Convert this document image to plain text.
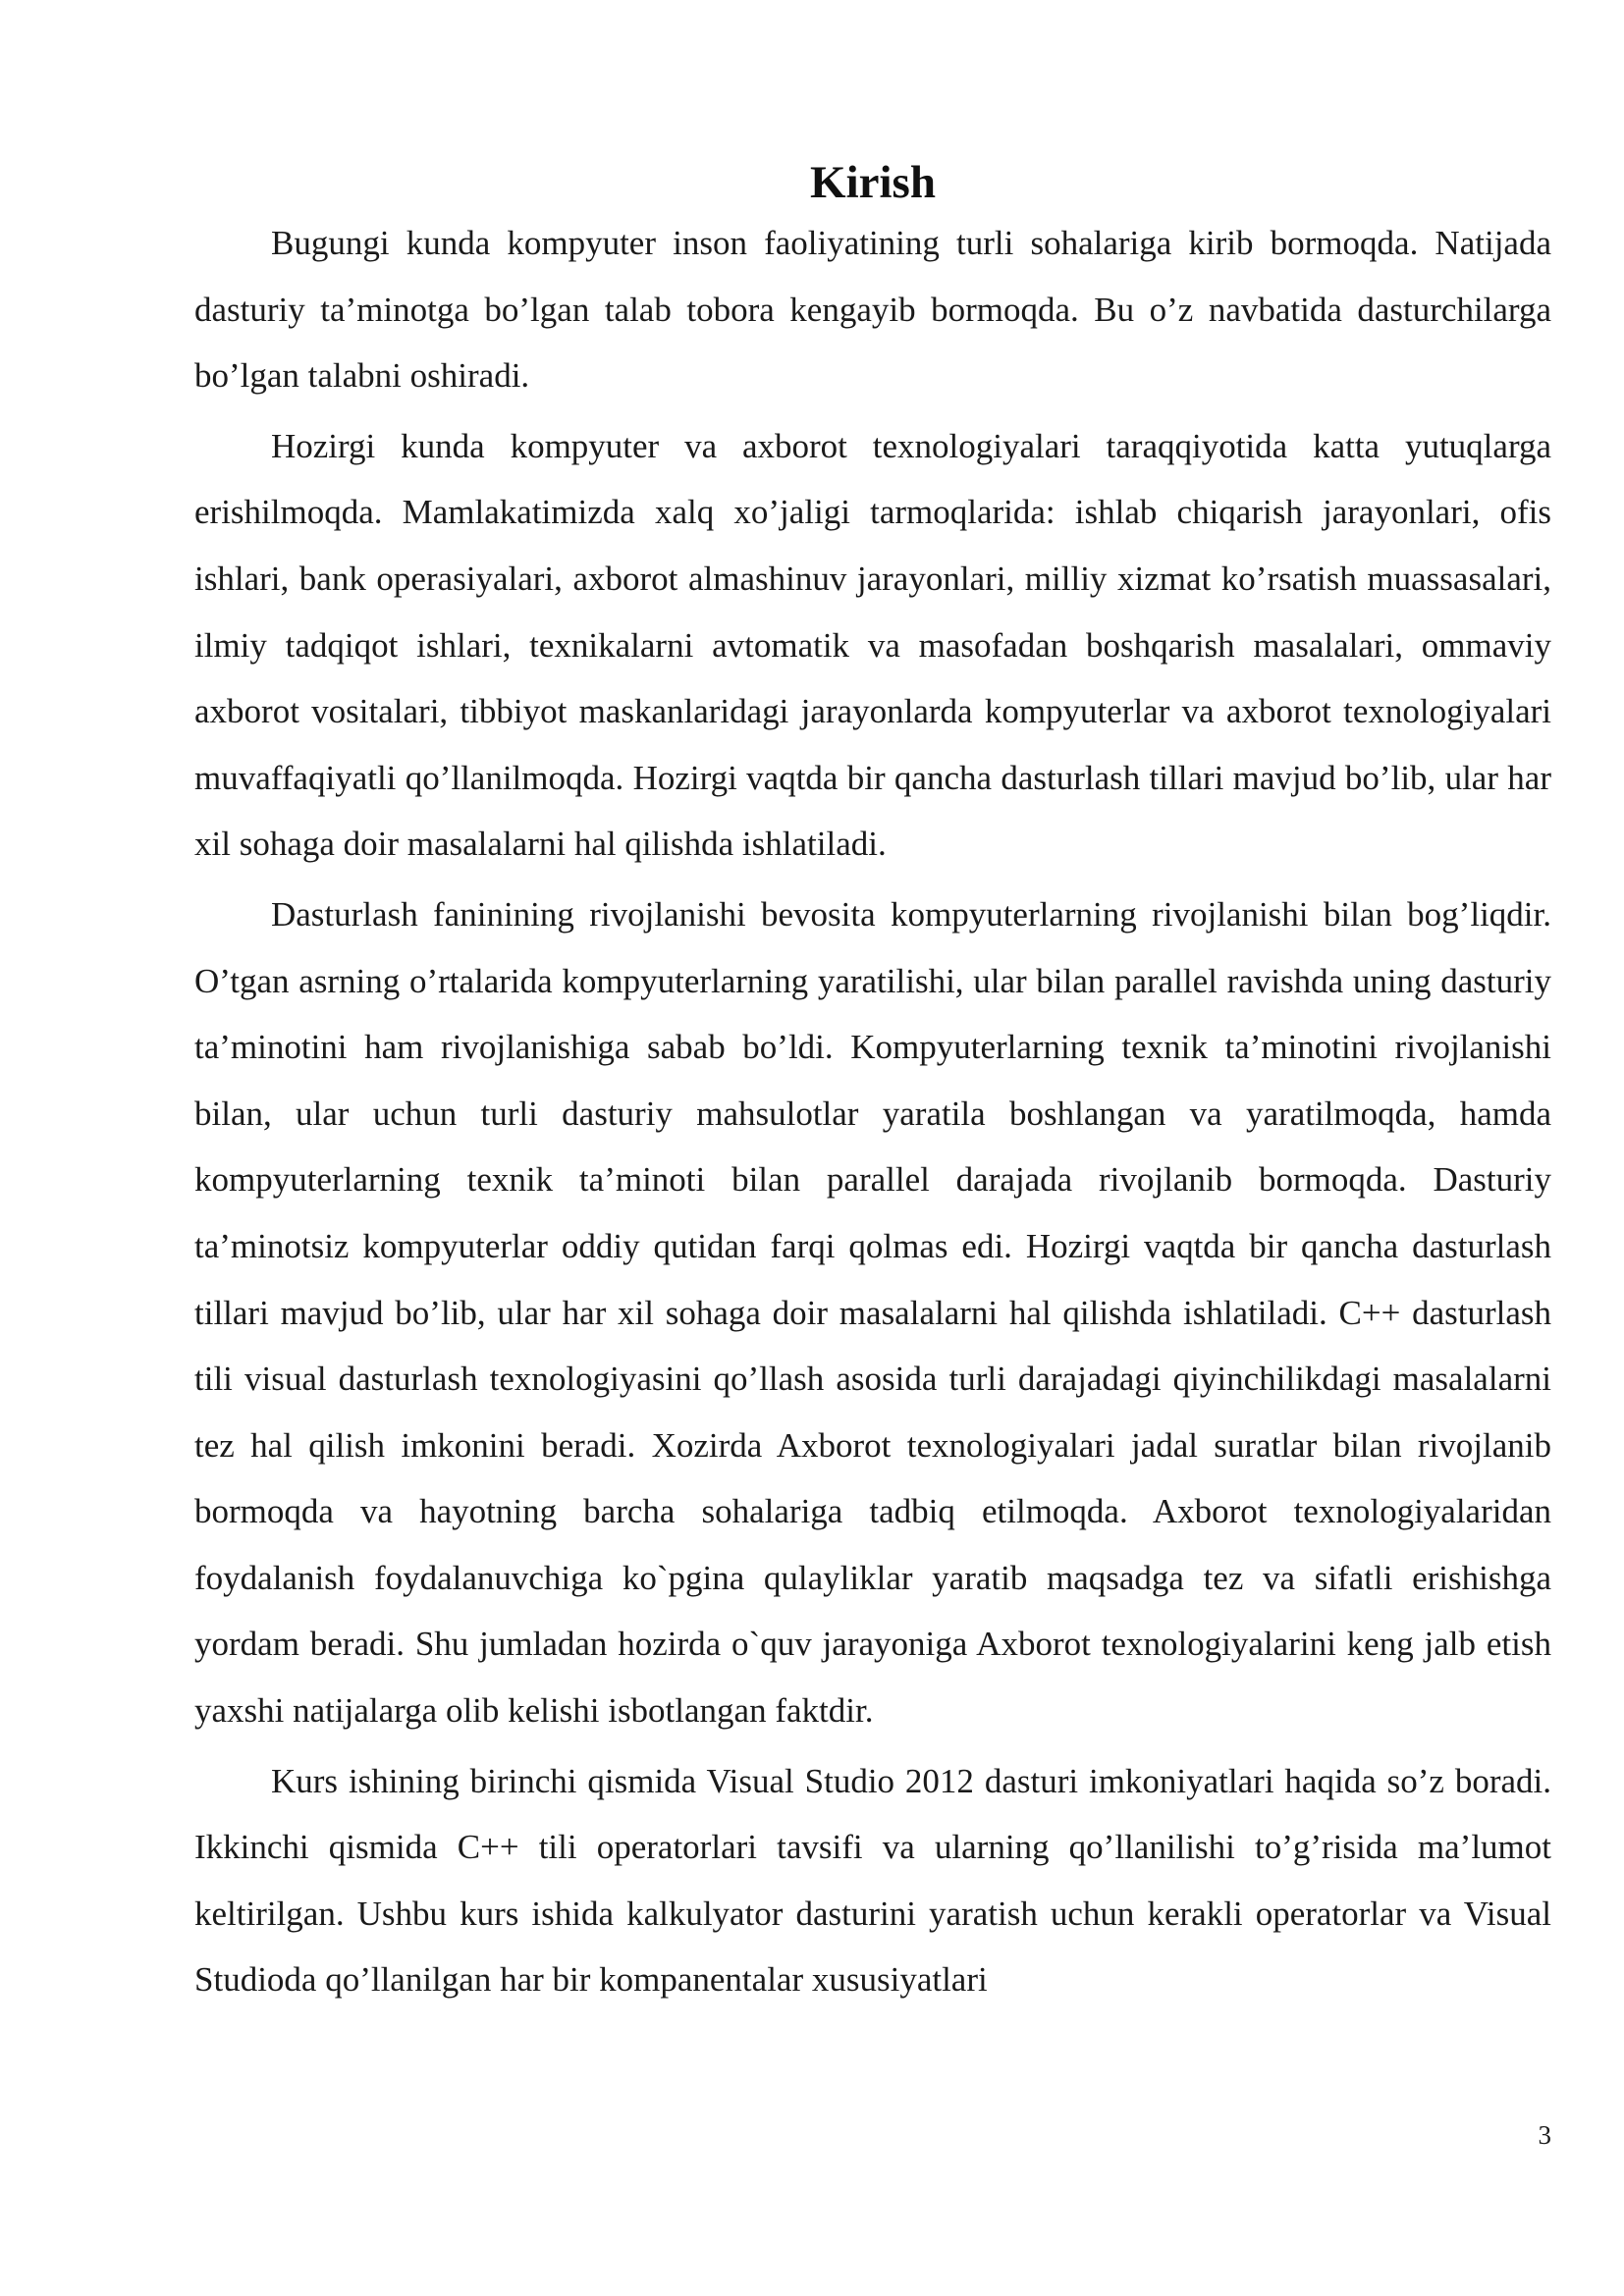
Kirish

Bugungi kunda kompyuter inson faoliyatining turli sohalariga kirib bormoqda. Natijada dasturiy ta’minotga bo’lgan talab tobora kengayib bormoqda. Bu o’z navbatida dasturchilarga bo’lgan talabni oshiradi.

Hozirgi kunda kompyuter va axborot texnologiyalari taraqqiyotida katta yutuqlarga erishilmoqda. Mamlakatimizda xalq xo’jaligi tarmoqlarida: ishlab chiqarish jarayonlari, ofis ishlari, bank operasiyalari, axborot almashinuv jarayonlari, milliy xizmat ko’rsatish muassasalari, ilmiy tadqiqot ishlari, texnikalarni avtomatik va masofadan boshqarish masalalari, ommaviy axborot vositalari, tibbiyot maskanlaridagi jarayonlarda kompyuterlar va axborot texnologiyalari muvaffaqiyatli qo’llanilmoqda. Hozirgi vaqtda bir qancha dasturlash tillari mavjud bo’lib, ular har xil sohaga doir masalalarni hal qilishda ishlatiladi.

Dasturlash faninining rivojlanishi bevosita kompyuterlarning rivojlanishi bilan bog’liqdir. O’tgan asrning o’rtalarida kompyuterlarning yaratilishi, ular bilan parallel ravishda uning dasturiy ta’minotini ham rivojlanishiga sabab bo’ldi. Kompyuterlarning texnik ta’minotini rivojlanishi bilan, ular uchun turli dasturiy mahsulotlar yaratila boshlangan va yaratilmoqda, hamda kompyuterlarning texnik ta’minoti bilan parallel darajada rivojlanib bormoqda. Dasturiy ta’minotsiz kompyuterlar oddiy qutidan farqi qolmas edi. Hozirgi vaqtda bir qancha dasturlash tillari mavjud bo’lib, ular har xil sohaga doir masalalarni hal qilishda ishlatiladi. C++ dasturlash tili visual dasturlash texnologiyasini qo’llash asosida turli darajadagi qiyinchilikdagi masalalarni tez hal qilish imkonini beradi. Xozirda Axborot texnologiyalari jadal suratlar bilan rivojlanib bormoqda va hayotning barcha sohalariga tadbiq etilmoqda. Axborot texnologiyalaridan foydalanish foydalanuvchiga ko`pgina qulayliklar yaratib maqsadga tez va sifatli erishishga yordam beradi. Shu jumladan hozirda o`quv jarayoniga Axborot texnologiyalarini keng jalb etish yaxshi natijalarga olib kelishi isbotlangan faktdir.

Kurs ishining birinchi qismida Visual Studio 2012 dasturi imkoniyatlari haqida so’z boradi. Ikkinchi qismida C++ tili operatorlari tavsifi va ularning qo’llanilishi to’g’risida ma’lumot keltirilgan. Ushbu kurs ishida kalkulyator dasturini yaratish uchun kerakli operatorlar va Visual Studioda qo’llanilgan har bir kompanentalar xususiyatlari

3
